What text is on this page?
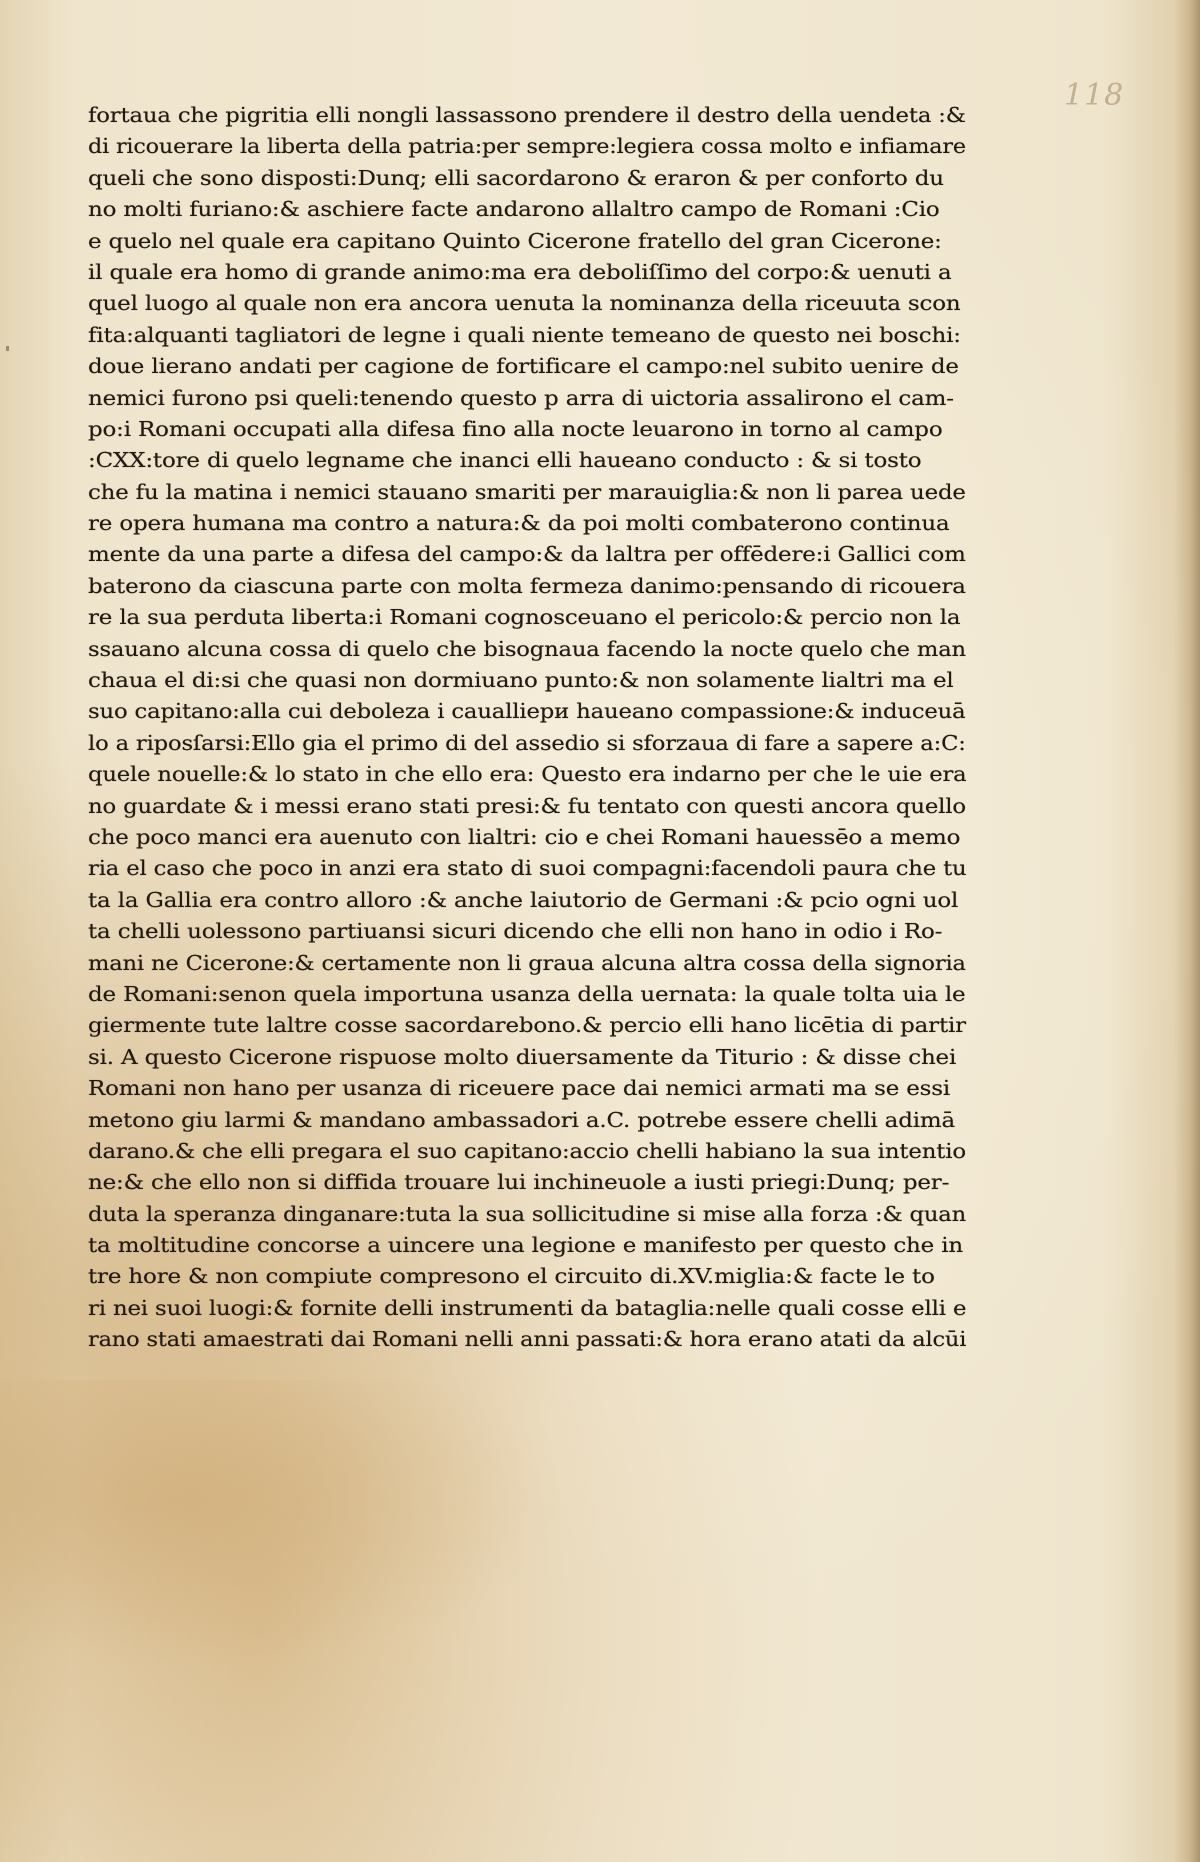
118
fortaua che pigritia elli nongli lassassono prendere il destro della uendeta :&
di ricouerare la liberta della patria:per sempre:legiera cossa molto e infiamare
queli che sono disposti:Dunq; elli sacordarono & eraron & per conforto du
no molti furiano:& aschiere facte andarono allaltro campo de Romani :Cio
e quelo nel quale era capitano Quinto Cicerone fratello del gran Cicerone:
il quale era homo di grande animo:ma era deboliſſimo del corpo:& uenuti a
quel luogo al quale non era ancora uenuta la nominanza della riceuuta scon
fita:alquanti tagliatori de legne i quali niente temeano de questo nei boschi:
doue lierano andati per cagione de fortificare el campo:nel subito uenire de
nemici furono psi queli:tenendo questo p arra di uictoria assalirono el cam-
po:i Romani occupati alla difesa fino alla nocte leuarono in torno al campo
:CXX:tore di quelo legname che inanci elli haueano conducto : & si tosto
che fu la matina i nemici stauano smariti per marauiglia:& non li parea uede
re opera humana ma contro a natura:& da poi molti combaterono continua
mente da una parte a difesa del campo:& da laltra per offēdere:i Gallici com
baterono da ciascuna parte con molta fermeza danimo:pensando di ricouera
re la sua perduta liberta:i Romani cognosceuano el pericolo:& percio non la
ssauano alcuna cossa di quelo che bisognaua facendo la nocte quelo che man
chaua el di:si che quasi non dormiuano punto:& non solamente lialtri ma el
suo capitano:alla cui deboleza i caualliери haueano compassione:& induceuā
lo a riposſarsi:Ello gia el primo di del assedio si sforzaua di fare a sapere a:C:
quele nouelle:& lo stato in che ello era: Questo era indarno per che le uie era
no guardate & i messi erano stati presi:& fu tentato con questi ancora quello
che poco manci era auenuto con lialtri: cio e chei Romani hauessēo a memo
ria el caso che poco in anzi era stato di suoi compagni:facendoli paura che tu
ta la Gallia era contro alloro :& anche laiutorio de Germani :& pcio ogni uol
ta chelli uolessono partiuansi sicuri dicendo che elli non hano in odio i Ro-
mani ne Cicerone:& certamente non li graua alcuna altra cossa della signoria
de Romani:senon quela importuna usanza della uernata: la quale tolta uia le
giermente tute laltre cosse sacordarebono.& percio elli hano licētia di partir
si. A questo Cicerone rispuose molto diuersamente da Titurio : & disse chei
Romani non hano per usanza di riceuere pace dai nemici armati ma se essi
metono giu larmi & mandano ambassadori a.C. potrebe essere chelli adimā
darano.& che elli pregara el suo capitano:accio chelli habiano la sua intentio
ne:& che ello non si diffida trouare lui inchineuole a iusti priegi:Dunq; per-
duta la speranza dinganare:tuta la sua sollicitudine si mise alla forza :& quan
ta moltitudine concorse a uincere una legione e manifesto per questo che in
tre hore & non compiute compresono el circuito di.XV.miglia:& facte le to
ri nei suoi luogi:& fornite delli instrumenti da bataglia:nelle quali cosse elli e
rano stati amaestrati dai Romani nelli anni passati:& hora erano atati da alcūi
